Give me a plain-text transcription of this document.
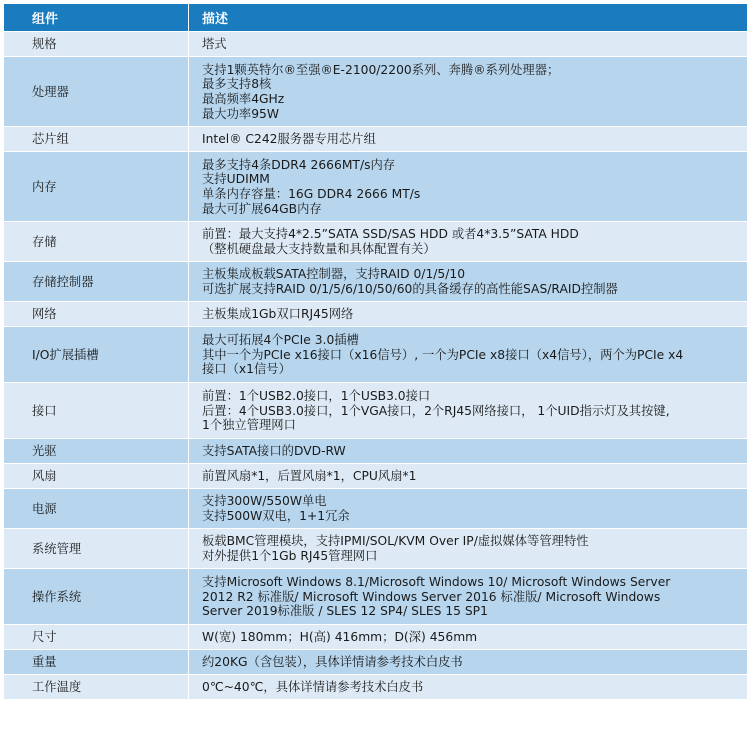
组件	描述
规格	塔式

处理器	支持1颗英特尔®至强®E-2100/2200系列、奔腾®系列处理器；
最多支持8核
最高频率4GHz
最大功率95W

芯片组	Intel® C242服务器专用芯片组

内存	最多支持4条DDR4 2666MT/s内存
支持UDIMM
单条内存容量：16G DDR4 2666 MT/s
最大可扩展64GB内存

存储	前置：最大支持4*2.5”SATA SSD/SAS HDD 或者4*3.5”SATA HDD
（整机硬盘最大支持数量和具体配置有关）

存储控制器	主板集成板载SATA控制器，支持RAID 0/1/5/10
可选扩展支持RAID 0/1/5/6/10/50/60的具备缓存的高性能SAS/RAID控制器

网络	主板集成1Gb双口RJ45网络

I/O扩展插槽	最大可拓展4个PCIe 3.0插槽
其中一个为PCIe x16接口（x16信号）, 一个为PCIe x8接口（x4信号），两个为PCIe x4
接口（x1信号）

接口	前置：1个USB2.0接口，1个USB3.0接口
后置：4个USB3.0接口，1个VGA接口，2个RJ45网络接口， 1个UID指示灯及其按键,
1个独立管理网口

光驱	支持SATA接口的DVD-RW

风扇	前置风扇*1，后置风扇*1，CPU风扇*1

电源	支持300W/550W单电
支持500W双电，1+1冗余

系统管理	板载BMC管理模块，支持IPMI/SOL/KVM Over IP/虚拟媒体等管理特性
对外提供1个1Gb RJ45管理网口

操作系统	支持Microsoft Windows 8.1/Microsoft Windows 10/ Microsoft Windows Server
2012 R2 标准版/ Microsoft Windows Server 2016 标准版/ Microsoft Windows
Server 2019标准版 / SLES 12 SP4/ SLES 15 SP1

尺寸	W(宽) 180mm；H(高) 416mm；D(深) 456mm

重量	约20KG（含包装），具体详情请参考技术白皮书

工作温度	0℃~40℃，具体详情请参考技术白皮书
